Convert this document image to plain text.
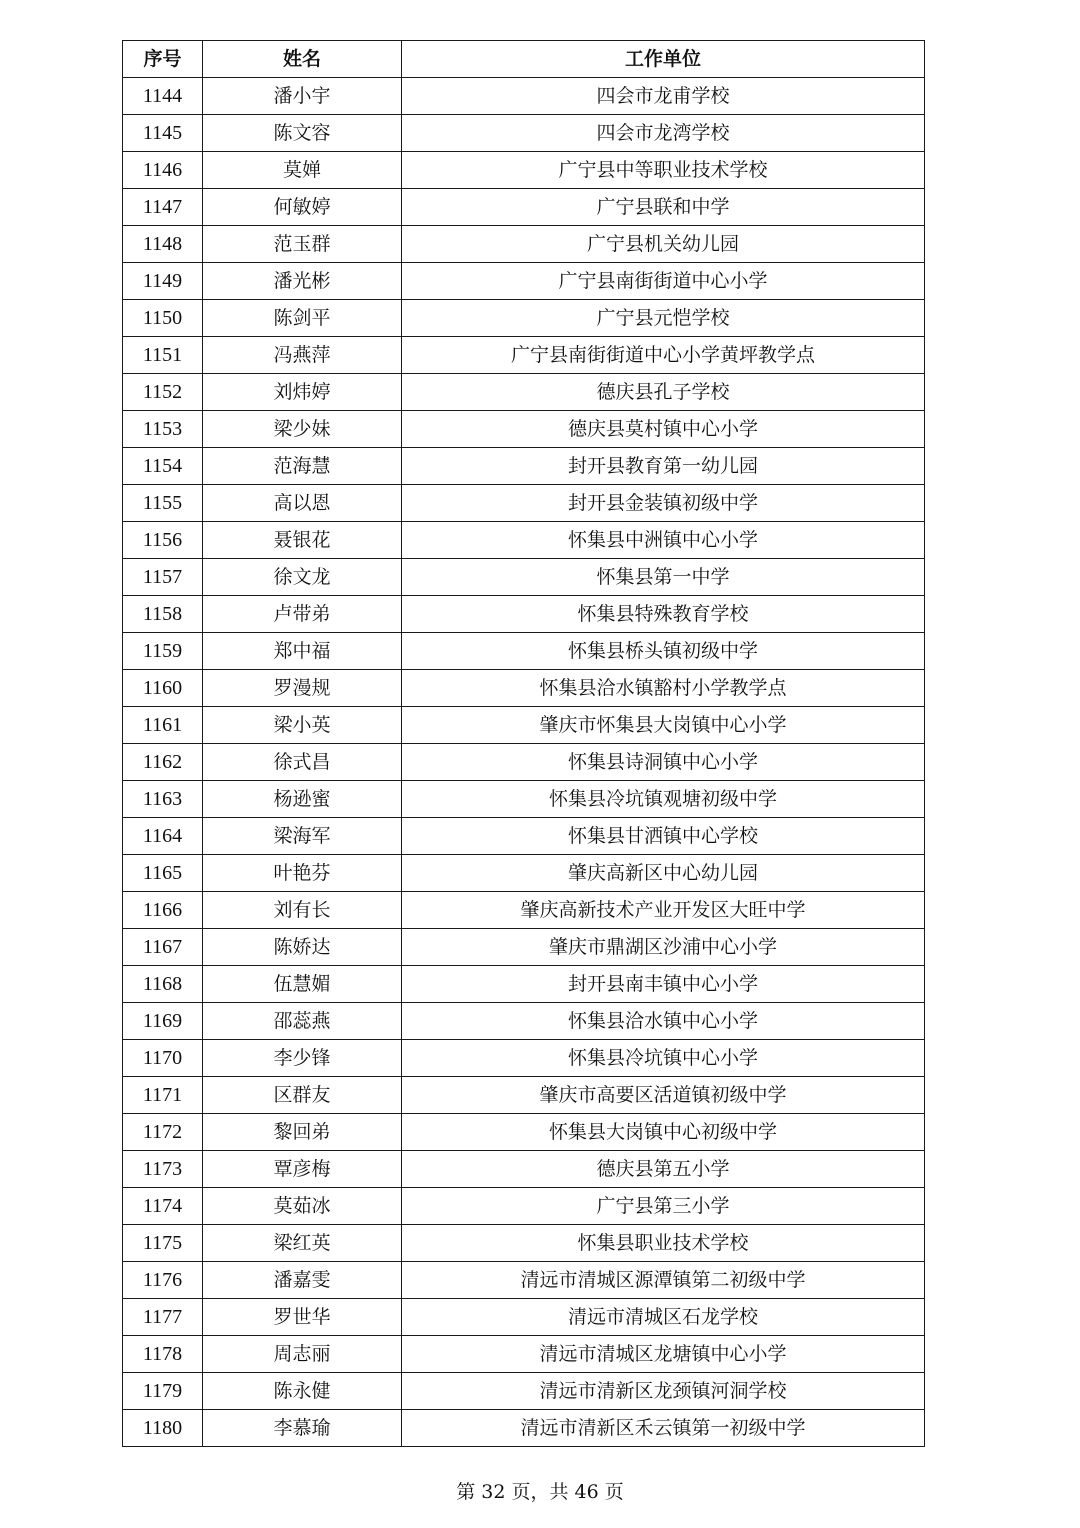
序号	姓名	工作单位
1144	潘小宇	四会市龙甫学校
1145	陈文容	四会市龙湾学校
1146	莫婵	广宁县中等职业技术学校
1147	何敏婷	广宁县联和中学
1148	范玉群	广宁县机关幼儿园
1149	潘光彬	广宁县南街街道中心小学
1150	陈剑平	广宁县元恺学校
1151	冯燕萍	广宁县南街街道中心小学黄坪教学点
1152	刘炜婷	德庆县孔子学校
1153	梁少妹	德庆县莫村镇中心小学
1154	范海慧	封开县教育第一幼儿园
1155	高以恩	封开县金装镇初级中学
1156	聂银花	怀集县中洲镇中心小学
1157	徐文龙	怀集县第一中学
1158	卢带弟	怀集县特殊教育学校
1159	郑中福	怀集县桥头镇初级中学
1160	罗漫规	怀集县洽水镇豁村小学教学点
1161	梁小英	肇庆市怀集县大岗镇中心小学
1162	徐式昌	怀集县诗洞镇中心小学
1163	杨逊蜜	怀集县冷坑镇观塘初级中学
1164	梁海军	怀集县甘洒镇中心学校
1165	叶艳芬	肇庆高新区中心幼儿园
1166	刘有长	肇庆高新技术产业开发区大旺中学
1167	陈娇达	肇庆市鼎湖区沙浦中心小学
1168	伍慧媚	封开县南丰镇中心小学
1169	邵蕊燕	怀集县洽水镇中心小学
1170	李少锋	怀集县冷坑镇中心小学
1171	区群友	肇庆市高要区活道镇初级中学
1172	黎回弟	怀集县大岗镇中心初级中学
1173	覃彦梅	德庆县第五小学
1174	莫茹冰	广宁县第三小学
1175	梁红英	怀集县职业技术学校
1176	潘嘉雯	清远市清城区源潭镇第二初级中学
1177	罗世华	清远市清城区石龙学校
1178	周志丽	清远市清城区龙塘镇中心小学
1179	陈永健	清远市清新区龙颈镇河洞学校
1180	李慕瑜	清远市清新区禾云镇第一初级中学
第 32 页，共 46 页
